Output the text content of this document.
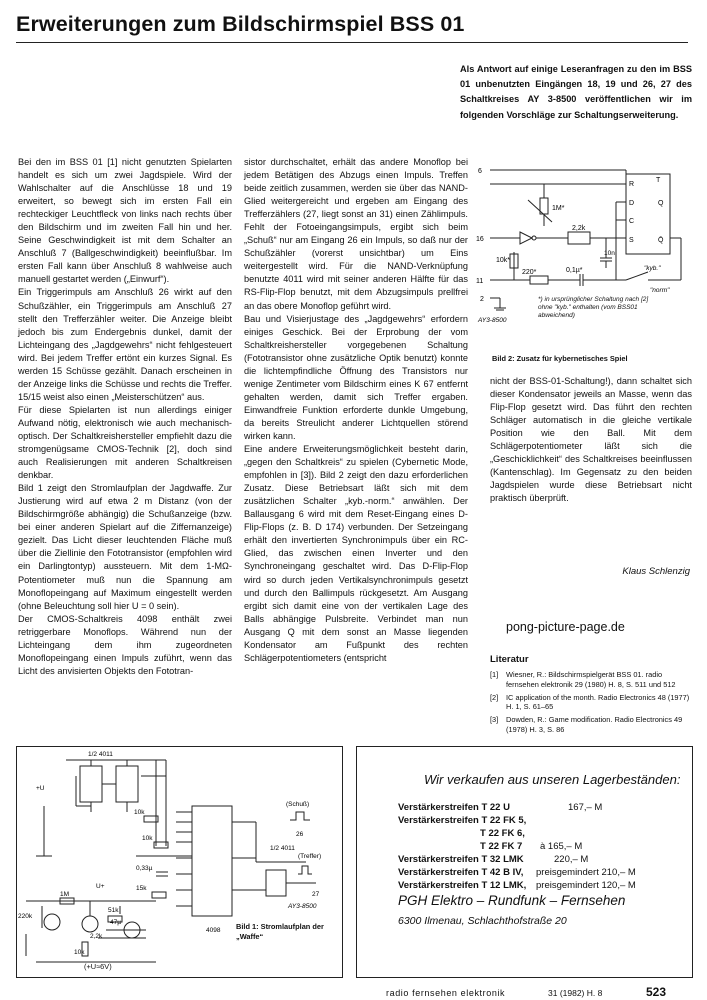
Erweiterungen zum Bildschirmspiel BSS 01
Als Antwort auf einige Leseranfragen zu den im BSS 01 unbenutzten Eingängen 18, 19 und 26, 27 des Schaltkreises AY 3-8500 veröffentlichen wir im folgenden Vorschläge zur Schaltungserweiterung.

Bei den im BSS 01 [1] nicht genutzten Spielarten handelt es sich um zwei Jagdspiele. Wird der Wahlschalter auf die Anschlüsse 18 und 19 erweitert, so bewegt sich im ersten Fall ein rechteckiger Leuchtfleck von links nach rechts über den Bildschirm und im zweiten Fall hin und her. Seine Geschwindigkeit ist mit dem Schalter an Anschluß 7 (Ballgeschwindigkeit) beeinflußbar. Im ersten Fall kann über Anschluß 8 wahlweise auch manuell gestartet werden („Einwurf“).

Ein Triggerimpuls am Anschluß 26 wirkt auf den Schußzähler, ein Triggerimpuls am Anschluß 27 stellt den Trefferzähler weiter. Die Anzeige bleibt jedoch bis zum Endergebnis dunkel, damit der Lichteingang des „Jagdgewehrs“ nicht fehlgesteuert wird. Bei jedem Treffer ertönt ein kurzes Signal. Es werden 15 Schüsse gezählt. Danach erscheinen in der Anzeige links die Schüsse und rechts die Treffer. 15/15 weist also einen „Meisterschützen“ aus.

Für diese Spielarten ist nun allerdings einiger Aufwand nötig, elektronisch wie auch mechanisch-optisch. Der Schaltkreishersteller empfiehlt dazu die stromgenügsame CMOS-Technik [2], doch sind auch Realisierungen mit anderen Schaltkreisen denkbar.

Bild 1 zeigt den Stromlaufplan der Jagdwaffe. Zur Justierung wird auf etwa 2 m Distanz (von der Bildschirmgröße abhängig) die Schußanzeige (bzw. bei einer anderen Spielart auf die Ziffernanzeige) gezielt. Das Licht dieser leuchtenden Fläche muß über die Ziellinie den Fototransistor (empfohlen wird ein Darlingtontyp) aussteuern. Mit dem 1-MΩ-Potentiometer muß nun die Spannung am Monoflopeingang auf Maximum eingestellt werden (ohne Beleuchtung soll hier U = 0 sein).

Der CMOS-Schaltkreis 4098 enthält zwei retriggerbare Monoflops. Während nun der Lichteingang dem ihm zugeordneten Monoflopeingang einen Impuls zuführt, wenn das Licht des anvisierten Objekts den Fototran-

sistor durchschaltet, erhält das andere Monoflop bei jedem Betätigen des Abzugs einen Impuls. Treffen beide zeitlich zusammen, werden sie über das NAND-Glied weitergereicht und ergeben am Eingang des Trefferzählers (27, liegt sonst an 31) einen Zählimpuls. Fehlt der Fotoeingangsimpuls, ergibt sich beim „Schuß“ nur am Eingang 26 ein Impuls, so daß nur der Schußzähler (vorerst unsichtbar) um Eins weitergestellt wird. Für die NAND-Verknüpfung benutzte 4011 wird mit seiner anderen Hälfte für das RS-Flip-Flop benutzt, mit dem Abzugsimpuls prellfrei an das obere Monoflop geführt wird.

Bau und Visierjustage des „Jagdgewehrs“ erfordern einiges Geschick. Bei der Erprobung der vom Schaltkreishersteller vorgegebenen Schaltung (Fototransistor ohne zusätzliche Optik benutzt) konnte die lichtempfindliche Öffnung des Transistors nur wenige Zentimeter vom Bildschirm eines K 67 entfernt gehalten werden, damit sich Treffer ergaben. Einwandfreie Funktion erforderte dunkle Umgebung, da bereits Streulicht anderer Lichtquellen störend wirken kann.

Eine andere Erweiterungsmöglichkeit besteht darin, „gegen den Schaltkreis“ zu spielen (Cybernetic Mode, empfohlen in [3]). Bild 2 zeigt den dazu erforderlichen Zusatz. Diese Betriebsart läßt sich mit dem zusätzlichen Schalter „kyb.-norm.“ anwählen. Der Ballausgang 6 wird mit dem Reset-Eingang eines D-Flip-Flops (z. B. D 174) verbunden. Der Setzeingang erhält den invertierten Synchronimpuls über ein RC-Glied, das zwischen einen Inverter und den Synchroneingang geschaltet wird. Das D-Flip-Flop wird so durch jeden Vertikalsynchronimpuls gesetzt und durch den Ballimpuls rückgesetzt. Am Ausgang ergibt sich damit eine von der vertikalen Lage des Balls abhängige Pulsbreite. Verbindet man nun Ausgang Q mit dem sonst an Masse liegenden Kondensator am Fußpunkt des rechten Schlägerpotentiometers (entspricht

6
16
11
2
1M*
10k*
220*	0,1µ*
2,2k
10n
R
D
C
S
T
Q
Q̄
"kyb."
"norm"
AY3-8500
*) in ursprünglicher Schaltung nach [2] ohne "kyb." enthalten (vom BSS01 abweichend)
Bild 2: Zusatz für kybernetisches Spiel

nicht der BSS-01-Schaltung!), dann schaltet sich dieser Kondensator jeweils an Masse, wenn das Flip-Flop gesetzt wird. Das führt den rechten Schläger automatisch in die gleiche vertikale Position wie den Ball. Mit dem Schlägerpotentiometer läßt sich die „Geschicklichkeit“ des Schaltkreises beeinflussen (Kantenschlag). Im Gegensatz zu den beiden Jagdspielen wurde diese Betriebsart nicht praktisch überprüft.

Klaus Schlenzig
pong-picture-page.de
Literatur
[1]	Wiesner, R.: Bildschirmspielgerät BSS 01. radio fernsehen elektronik 29 (1980) H. 8, S. 511 und 512
[2]	IC application of the month. Radio Electronics 48 (1977) H. 1, S. 61–65
[3]	Dowden, R.: Game modification. Radio Electronics 49 (1978) H. 3, S. 86
1/2 4011
1/2 4011
4098
(Schuß)
26
(Treffer)
27
AY3-8500
10k
10k
0,33µ
15k
1M
220k
51k
47µ
2,2k
10k
+U
U+
Bild 1: Stromlaufplan der „Waffe“
(+U≈6V)
Wir verkaufen aus unseren Lagerbeständen:
Verstärkerstreifen T 22 U	167,– M
Verstärkerstreifen T 22 FK 5,
T 22 FK 6,
T 22 FK 7 à 165,– M
Verstärkerstreifen T 32 LMK	220,– M
Verstärkerstreifen T 42 B IV, preisgemindert 210,– M
Verstärkerstreifen T 12 LMK, preisgemindert 120,– M
PGH Elektro – Rundfunk – Fernsehen
6300 Ilmenau, Schlachthofstraße 20
radio fernsehen elektronik	31 (1982) H. 8	523
